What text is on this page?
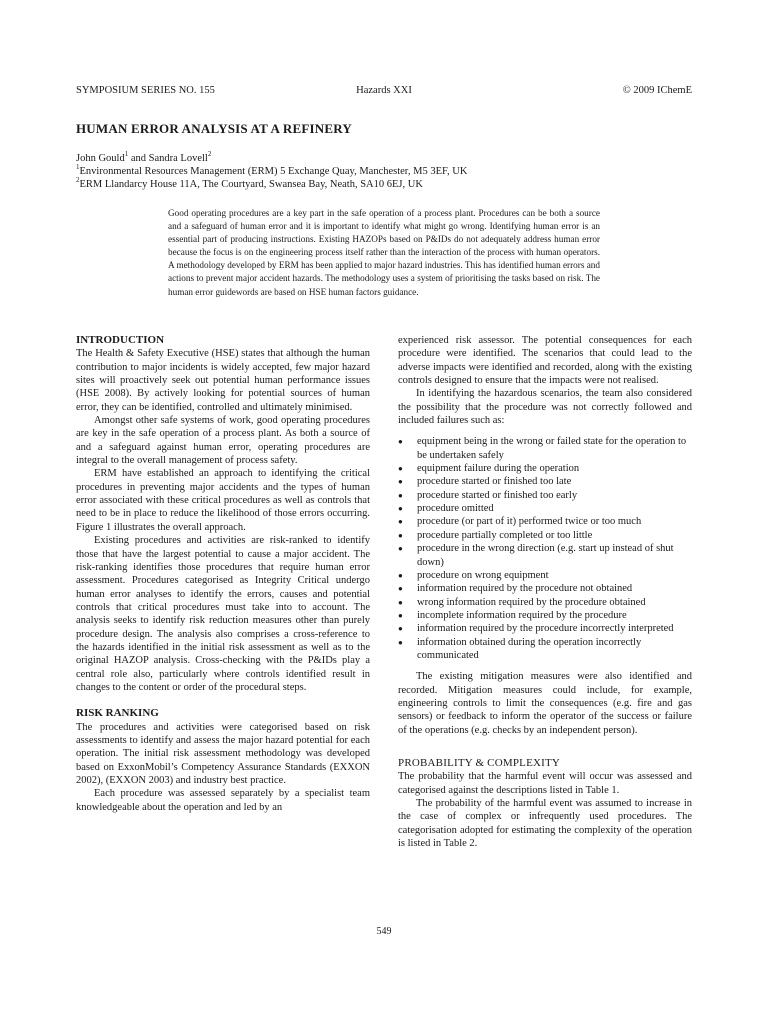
SYMPOSIUM SERIES NO. 155	Hazards XXI	© 2009 IChemE
HUMAN ERROR ANALYSIS AT A REFINERY
John Gould$^1$ and Sandra Lovell$^2$
$^1$Environmental Resources Management (ERM) 5 Exchange Quay, Manchester, M5 3EF, UK
$^2$ERM Llandarcy House 11A, The Courtyard, Swansea Bay, Neath, SA10 6EJ, UK
Good operating procedures are a key part in the safe operation of a process plant. Procedures can be both a source and a safeguard of human error and it is important to identify what might go wrong. Identifying human error is an essential part of producing instructions. Existing HAZOPs based on P&IDs do not adequately address human error because the focus is on the engineering process itself rather than the interaction of the process with human operators. A methodology developed by ERM has been applied to major hazard industries. This has identified human errors and actions to prevent major accident hazards. The methodology uses a system of prioritising the tasks based on risk. The human error guidewords are based on HSE human factors guidance.
INTRODUCTION

The Health & Safety Executive (HSE) states that although the human contribution to major incidents is widely accepted, few major hazard sites will proactively seek out potential human performance issues (HSE 2008). By actively looking for potential sources of human error, they can be identified, controlled and ultimately minimised.

Amongst other safe systems of work, good operating procedures are key in the safe operation of a process plant. As both a source of and a safeguard against human error, operating procedures are integral to the overall management of process safety.

ERM have established an approach to identifying the critical procedures in preventing major accidents and the types of human error associated with these critical procedures as well as controls that need to be in place to reduce the likelihood of those errors occurring. Figure 1 illustrates the overall approach.

Existing procedures and activities are risk-ranked to identify those that have the largest potential to cause a major accident. The risk-ranking identifies those procedures that require human error assessment. Procedures categorised as Integrity Critical undergo human error analyses to identify the errors, causes and potential controls that critical procedures must take into to account. The analysis seeks to identify risk reduction measures other than purely procedure design. The analysis also comprises a cross-reference to the hazards identified in the initial risk assessment as well as to the original HAZOP analysis. Cross-checking with the P&IDs play a central role also, particularly where controls identified result in changes to the content or order of the procedural steps.

RISK RANKING

The procedures and activities were categorised based on risk assessments to identify and assess the major hazard potential for each operation. The initial risk assessment methodology was developed based on ExxonMobil’s Competency Assurance Standards (EXXON 2002), (EXXON 2003) and industry best practice.

Each procedure was assessed separately by a specialist team knowledgeable about the operation and led by an

experienced risk assessor. The potential consequences for each procedure were identified. The scenarios that could lead to the adverse impacts were identified and recorded, along with the existing controls designed to ensure that the impacts were not realised.

In identifying the hazardous scenarios, the team also considered the possibility that the procedure was not correctly followed and included failures such as:

● equipment being in the wrong or failed state for the operation to be undertaken safely
● equipment failure during the operation
● procedure started or finished too late
● procedure started or finished too early
● procedure omitted
● procedure (or part of it) performed twice or too much
● procedure partially completed or too little
● procedure in the wrong direction (e.g. start up instead of shut down)
● procedure on wrong equipment
● information required by the procedure not obtained
● wrong information required by the procedure obtained
● incomplete information required by the procedure
● information required by the procedure incorrectly interpreted
● information obtained during the operation incorrectly communicated

The existing mitigation measures were also identified and recorded. Mitigation measures could include, for example, engineering controls to limit the consequences (e.g. fire and gas sensors) or feedback to inform the operator of the success or failure of the operations (e.g. checks by an independent person).

PROBABILITY & COMPLEXITY

The probability that the harmful event will occur was assessed and categorised against the descriptions listed in Table 1.

The probability of the harmful event was assumed to increase in the case of complex or infrequently used procedures. The categorisation adopted for estimating the complexity of the operation is listed in Table 2.

549
